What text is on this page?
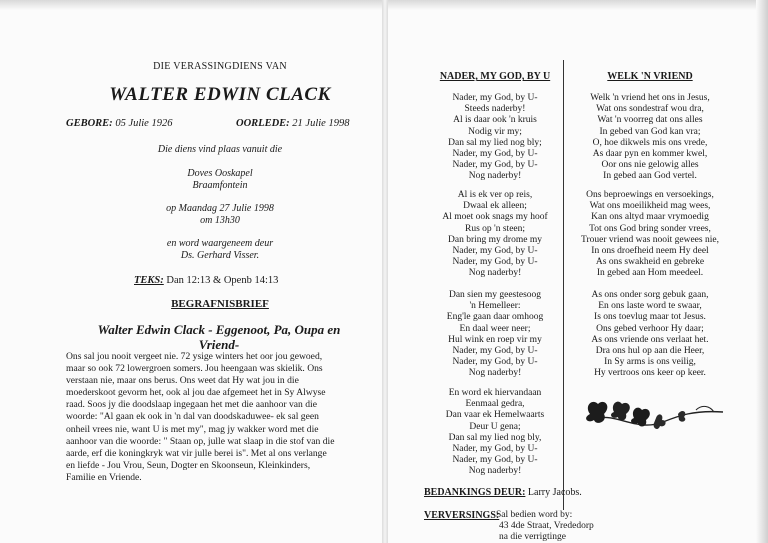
DIE VERASSINGDIENS VAN
WALTER EDWIN CLACK
GEBORE: 05 Julie 1926	OORLEDE: 21 Julie 1998
Die diens vind plaas vanuit die
Doves Ooskapel
Braamfontein
op Maandag 27 Julie 1998
om 13h30
en word waargeneem deur
Ds. Gerhard Visser.
TEKS: Dan 12:13 & Openb 14:13
BEGRAFNISBRIEF
Walter Edwin Clack - Eggenoot, Pa, Oupa en
Vriend-
Ons sal jou nooit vergeet nie. 72 ysige winters het oor jou gewoed,
maar so ook 72 lowergroen somers. Jou heengaan was skielik. Ons
verstaan nie, maar ons berus. Ons weet dat Hy wat jou in die
moederskoot gevorm het, ook al jou dae afgemeet het in Sy Alwyse
raad. Soos jy die doodslaap ingegaan het met die aanhoor van die
woorde: "Al gaan ek ook in 'n dal van doodskaduwee- ek sal geen
onheil vrees nie, want U is met my", mag jy wakker word met die
aanhoor van die woorde: " Staan op, julle wat slaap in die stof van die
aarde, erf die koningkryk wat vir julle berei is". Met al ons verlange
en liefde - Jou Vrou, Seun, Dogter en Skoonseun, Kleinkinders,
Familie en Vriende.
NADER, MY GOD, BY U
Nader, my God, by U-
Steeds naderby!
Al is daar ook 'n kruis
Nodig vir my;
Dan sal my lied nog bly;
Nader, my God, by U-
Nader, my God, by U-
Nog naderby!
Al is ek ver op reis,
Dwaal ek alleen;
Al moet ook snags my hoof
Rus op 'n steen;
Dan bring my drome my
Nader, my God, by U-
Nader, my God, by U-
Nog naderby!
Dan sien my geestesoog
'n Hemelleer:
Eng'le gaan daar omhoog
En daal weer neer;
Hul wink en roep vir my
Nader, my God, by U-
Nader, my God, by U-
Nog naderby!
En word ek hiervandaan
Eenmaal gedra,
Dan vaar ek Hemelwaarts
Deur U gena;
Dan sal my lied nog bly,
Nader, my God, by U-
Nader, my God, by U-
Nog naderby!
WELK 'N VRIEND
Welk 'n vriend het ons in Jesus,
Wat ons sondestraf wou dra,
Wat 'n voorreg dat ons alles
In gebed van God kan vra;
O, hoe dikwels mis ons vrede,
As daar pyn en kommer kwel,
Oor ons nie gelowig alles
In gebed aan God vertel.
Ons beproewings en versoekings,
Wat ons moeilikheid mag wees,
Kan ons altyd maar vrymoedig
Tot ons God bring sonder vrees,
Trouer vriend was nooit gewees nie,
In ons droefheid neem Hy deel
As ons swakheid en gebreke
In gebed aan Hom meedeel.
As ons onder sorg gebuk gaan,
En ons laste word te swaar,
Is ons toevlug maar tot Jesus.
Ons gebed verhoor Hy daar;
As ons vriende ons verlaat het.
Dra ons hul op aan die Heer,
In Sy arms is ons veilig,
Hy vertroos ons keer op keer.
BEDANKINGS DEUR: Larry Jacobs.
VERVERSINGS:
Sal bedien word by:
43 4de Straat, Vrededorp
na die verrigtinge
